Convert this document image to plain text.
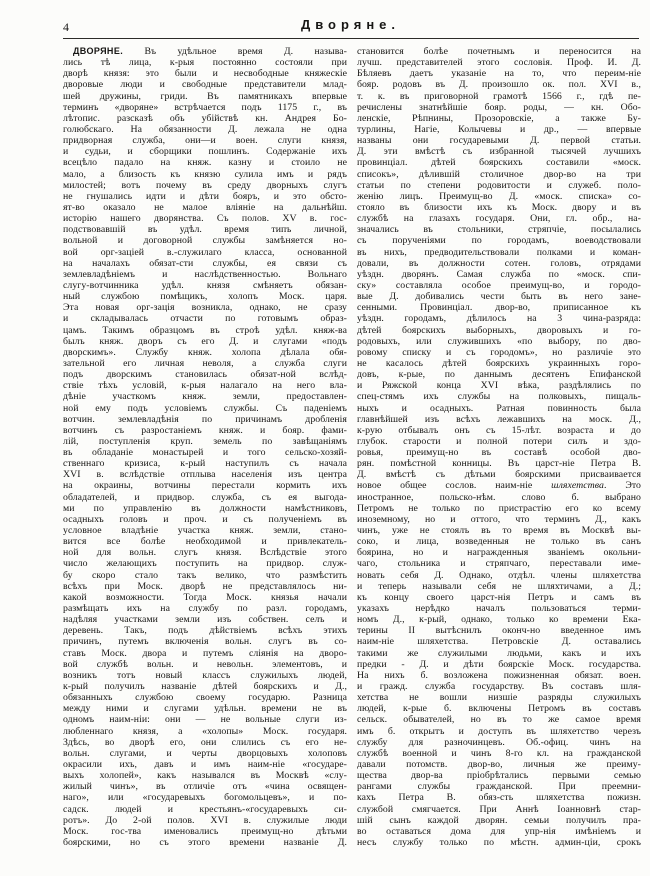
4	Дворяне.
ДВОРЯНЕ. Въ удѣльное время Д. называ-
лись тѣ лица, к-рыя постоянно состояли при
дворѣ князя: это были и несвободные княжескіе
дворовые люди и свободные представители млад-
шей дружины, гриди. Въ памятникахъ впервые
терминъ «дворяне» встрѣчается подъ 1175 г., въ
лѣтопис. разсказѣ объ убійствѣ кн. Андрея Бо-
голюбскаго. На обязанности Д. лежала не одна
придворная служба, они—и воен. слуги князя,
и судьи, и сборщики пошлинъ. Содержаніе ихъ
всецѣло падало на княж. казну и стоило не
мало, а близость къ князю сулила имъ и рядъ
милостей; вотъ почему въ среду дворныхъ слугъ
не гнушались идти и дѣти бояръ, и это обсто-
ят-во оказало не малое вліяніе на дальнѣйш.
исторію нашего дворянства. Съ полов. XV в. гос-
подствовавшій въ удѣл. время типъ личной,
вольной и договорной службы замѣняется но-
вой орг-заціей в.-служилаго класса, основанной
на началахъ обязат-сти службы, ея связи съ
землевладѣніемъ и наслѣдственностью. Вольнаго
слугу-вотчинника удѣл. князя смѣняетъ обязан-
ный службою помѣщикъ, холопъ Моск. царя.
Эта новая орг-зація возникла, однако, не сразу
и складывалась отчасти по готовымъ образ-
цамъ. Такимъ образцомъ въ строѣ удѣл. княж-ва
былъ княж. дворъ съ его Д. и слугами «подъ
дворскимъ». Службу княж. холопа дѣлала обя-
зательной его личная неволя, а служба слуги
подъ дворскимъ становилась обязат-ной вслѣд-
ствіе тѣхъ условій, к-рыя налагало на него вла-
дѣніе участкомъ княж. земли, предоставлен-
ной ему подъ условіемъ службы. Съ паденіемъ
вотчин. землевладѣнія по причинамъ дробленія
вотчинъ съ разростаніемъ княж. и бояр. фами-
лій, поступленія круп. земель по завѣщаніямъ
въ обладаніе монастырей и того сельско-хозяй-
ственнаго кризиса, к-рый наступилъ съ начала
XVI в. вслѣдствіе отплыва населенія изъ центра
на окраины, вотчины перестали кормить ихъ
обладателей, и придвор. служба, съ ея выгода-
ми по управленію въ должности намѣстниковъ,
осадныхъ головъ и проч. и съ полученіемъ въ
условное владѣніе участка княж. земли, стано-
вится все болѣе необходимой и привлекатель-
ной для вольн. слугъ князя. Вслѣдствіе этого
число желающихъ поступить на придвор. служ-
бу скоро стало такъ велико, что размѣстить
всѣхъ при Моск. дворѣ не представлялось ни-
какой возможности. Тогда Моск. князья начали
размѣщать ихъ на службу по разл. городамъ,
надѣляя участками земли изъ собствен. селъ и
деревень. Такъ, подъ дѣйствіемъ всѣхъ этихъ
причинъ, путемъ включенія вольн. слугъ въ со-
ставъ Моск. двора и путемъ сліянія на дворо-
вой службѣ вольн. и невольн. элементовъ, и
возникъ тотъ новый классъ служилыхъ людей,
к-рый получилъ названіе дѣтей боярскихъ и Д.,
обязанныхъ службою своему государю. Разница
между ними и слугами удѣльн. времени не въ
одномъ наим-ніи: они — не вольные слуги из-
любленнаго князя, а «холопы» Моск. государя.
Здѣсь, во дворѣ его, они слились съ его не-
вольн. слугами, и черты дворцовыхъ холоповъ
окрасили ихъ, давъ и имъ наим-ніе «государе-
выхъ холопей», какъ назывался въ Москвѣ «слу-
жилый чинъ», въ отличіе отъ «чина освящен-
наго», или «государевыхъ богомольцевъ», и по-
садск. людей и крестьянъ-«государевыхъ си-
ротъ». До 2-ой полов. XVI в. служилые люди
Моск. гос-тва именовались преимущ-но дѣтьми
боярскими, но съ этого времени названіе Д.
становится болѣе почетнымъ и переносится на
лучш. представителей этого сословія. Проф. И. Д.
Бѣляевъ даетъ указаніе на то, что переим-ніе
бояр. родовъ въ Д. произошло ок. пол. XVI в.,
т. к. въ приговорной грамотѣ 1566 г., гдѣ пе-
речислены знатнѣйшіе бояр. роды, — кн. Обо-
ленскіе, Рѣпнины, Прозоровскіе, а также Бу-
турлины, Нагіе, Колычевы и др., — впервые
названы они государевыми Д. первой статьи.
Д. эти вмѣстѣ съ избранной тысячей лучшихъ
провинціал. дѣтей боярскихъ составили «моск.
списокъ», дѣлившій столичное двор-во на три
статьи по степени родовитости и служеб. поло-
женію лицъ. Преимущ-во Д. «моск. списка» со-
стояло въ близости ихъ къ Моск. двору и въ
службѣ на глазахъ государя. Они, гл. обр., на-
значались въ стольники, стряпчіе, посылались
съ порученіями по городамъ, воеводствовали
въ нихъ, предводительствовали полками и коман-
довали, въ должности сотен. головъ, отрядами
уѣздн. дворянъ. Самая служба по «моск. спи-
ску» составляла особое преимущ-во, и городо-
вые Д. добивались чести быть въ него зане-
сенными. Провинціал. двор-во, приписанное къ
уѣздн. городамъ, дѣлилось на 3 чина-разряда:
дѣтей боярскихъ выборныхъ, дворовыхъ и го-
родовыхъ, или служившихъ «по выбору, по дво-
ровому списку и съ городомъ», но различіе это
не касалось дѣтей боярскихъ украинныхъ горо-
довъ, к-рые, по даннымъ десятенъ Епифанской
и Ряжской конца XVI вѣка, раздѣлялись по
спец-стямъ ихъ службы на полковыхъ, пищаль-
ныхъ и осадныхъ. Ратная повинность была
главнѣйшей изъ всѣхъ лежавшихъ на моск. Д.,
к-рую отбывалъ онъ съ 15-лѣт. возраста и до
глубок. старости и полной потери силъ и здо-
ровья, преимущ-но въ составѣ особой дво-
рян. помѣстной конницы. Въ царст-ніе Петра В.
Д. вмѣстѣ съ дѣтьми боярскими присваивается
новое общее сослов. наим-ніе шляхетства. Это
иностранное, польско-нѣм. слово б. выбрано
Петромъ не только по пристрастію его ко всему
иноземному, но и оттого, что терминъ Д., какъ
чинъ, уже не стоялъ въ то время въ Москвѣ вы-
соко, и лица, возведенныя не только въ санъ
боярина, но и награжденныя званіемъ окольни-
чаго, стольника и стряпчаго, переставали име-
новать себя Д. Однако, отдѣл. члены шляхетства
и теперь называли себя не шляхтичами, а Д.;
къ концу своего царст-нія Петръ и самъ въ
указахъ нерѣдко началъ пользоваться терми-
номъ Д., к-рый, однако, только ко времени Ека-
терины II вытѣснилъ оконч-но введенное имъ
наим-ніе шляхетства. Петровскіе Д. оставались
такими же служилыми людьми, какъ и ихъ
предки - Д. и дѣти боярскіе Моск. государства.
На нихъ б. возложена пожизненная обязат. воен.
и гражд. служба государству. Въ составъ шля-
хетства не вошли низшіе разряды служилыхъ
людей, к-рые б. включены Петромъ въ составъ
сельск. обывателей, но въ то же самое время
имъ б. открытъ и доступъ въ шляхетство черезъ
службу для разночинцевъ. Об.-офиц. чинъ на
службѣ военной и чинъ 8-го кл. на гражданской
давали потомств. двор-во, личныя же преиму-
щества двор-ва пріобрѣтались первыми семью
рангами службы гражданской. При преемни-
кахъ Петра В. обяз-сть шляхетства пожизн.
службой смягчается. При Аннѣ Іоанновнѣ стар-
шій сынъ каждой дворян. семьи получилъ пра-
во оставаться дома для упр-нія имѣніемъ и
несъ службу только по мѣстн. админ-ціи, срокъ
